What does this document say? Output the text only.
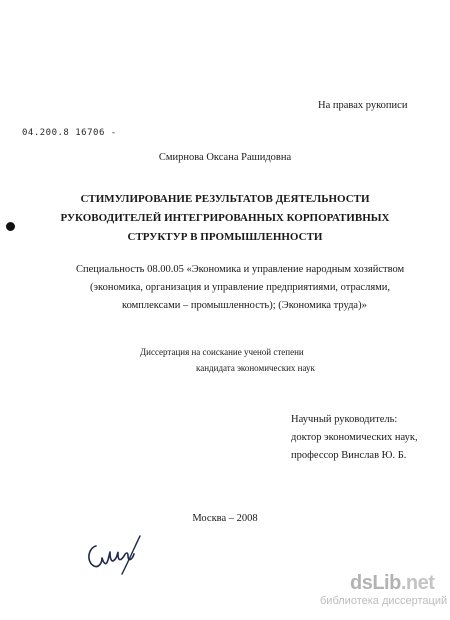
На правах рукописи
04.200.8 16706 -
Смирнова Оксана Рашидовна
СТИМУЛИРОВАНИЕ РЕЗУЛЬТАТОВ ДЕЯТЕЛЬНОСТИ
РУКОВОДИТЕЛЕЙ ИНТЕГРИРОВАННЫХ КОРПОРАТИВНЫХ
СТРУКТУР В ПРОМЫШЛЕННОСТИ
Специальность 08.00.05 «Экономика и управление народным хозяйством
(экономика, организация и управление предприятиями, отраслями,
комплексами – промышленность); (Экономика труда)»
Диссертация на соискание ученой степени
кандидата экономических наук
Научный руководитель:
доктор экономических наук,
профессор Винслав Ю. Б.
Москва – 2008
dsLib.net
библиотека диссертаций
